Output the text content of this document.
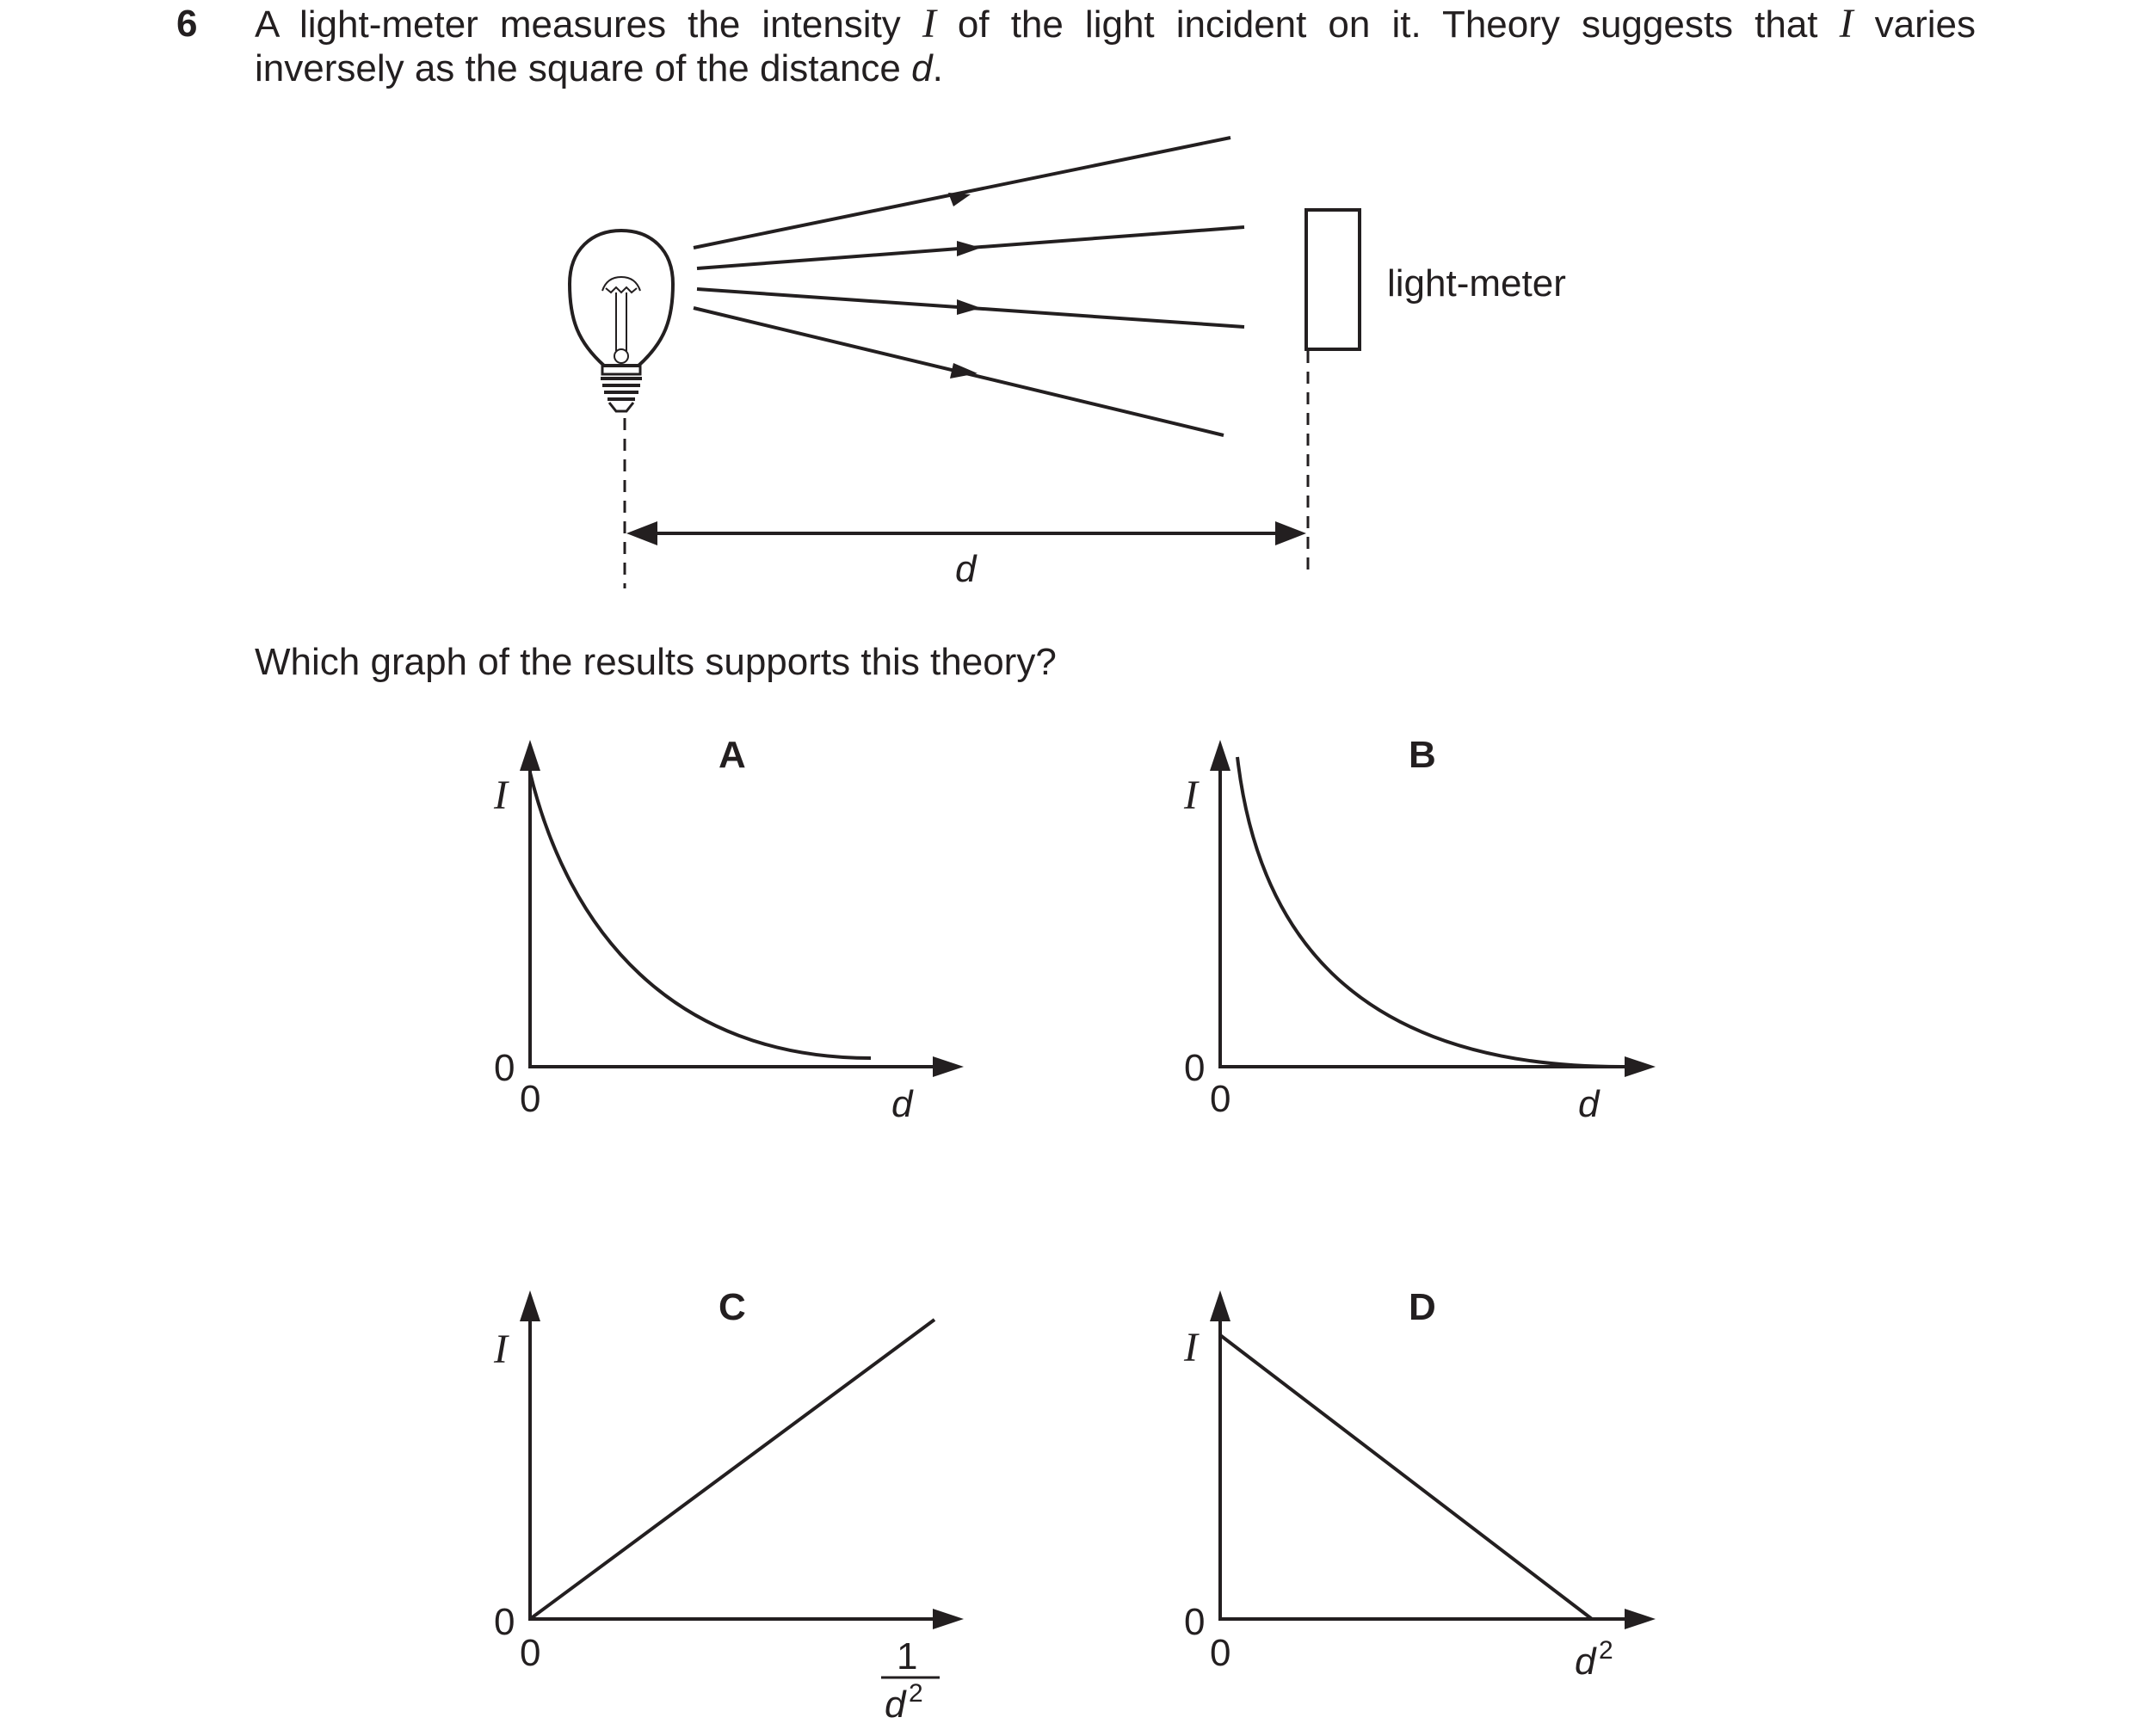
6 A light-meter measures the intensity I of the light incident on it. Theory suggests that I varies
inversely as the square of the distance d.
Which graph of the results supports this theory?
light-meter
d
A
I
d
0
0
B
I
d
0
0
C
I
1
d 2
0
0
D
I
d 2
0
0
